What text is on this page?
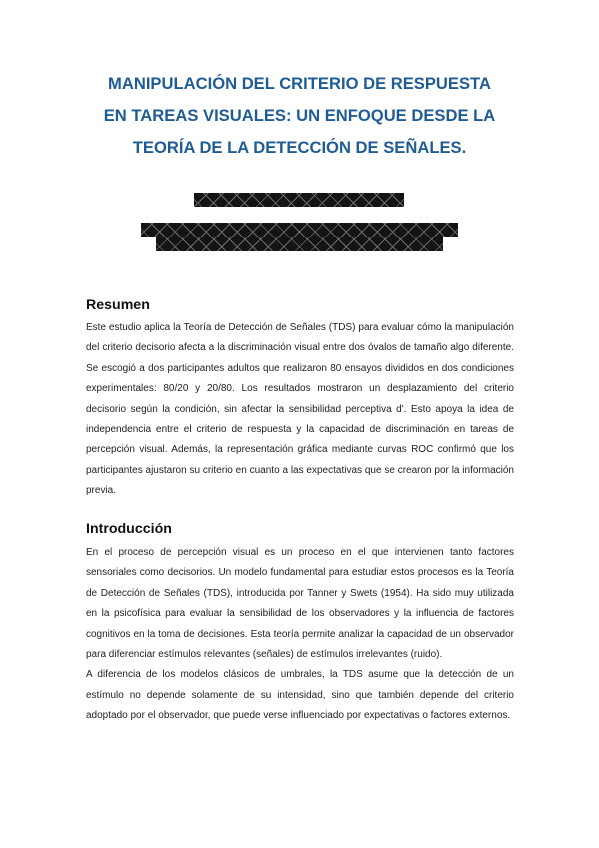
MANIPULACIÓN DEL CRITERIO DE RESPUESTA
EN TAREAS VISUALES: UN ENFOQUE DESDE LA
TEORÍA DE LA DETECCIÓN DE SEÑALES.
Resumen

Este estudio aplica la Teoría de Detección de Señales (TDS) para evaluar cómo la manipulación del criterio decisorio afecta a la discriminación visual entre dos óvalos de tamaño algo diferente. Se escogió a dos participantes adultos que realizaron 80 ensayos divididos en dos condiciones experimentales: 80/20 y 20/80. Los resultados mostraron un desplazamiento del criterio decisorio según la condición, sin afectar la sensibilidad perceptiva d'. Esto apoya la idea de independencia entre el criterio de respuesta y la capacidad de discriminación en tareas de percepción visual. Además, la representación gráfica mediante curvas ROC confirmó que los participantes ajustaron su criterio en cuanto a las expectativas que se crearon por la información previa.

Introducción

En el proceso de percepción visual es un proceso en el que intervienen tanto factores sensoriales como decisorios. Un modelo fundamental para estudiar estos procesos es la Teoría de Detección de Señales (TDS), introducida por Tanner y Swets (1954). Ha sido muy utilizada en la psicofísica para evaluar la sensibilidad de los observadores y la influencia de factores cognitivos en la toma de decisiones. Esta teoría permite analizar la capacidad de un observador para diferenciar estímulos relevantes (señales) de estímulos irrelevantes (ruido).

A diferencia de los modelos clásicos de umbrales, la TDS asume que la detección de un estímulo no depende solamente de su intensidad, sino que también depende del criterio adoptado por el observador, que puede verse influenciado por expectativas o factores externos.
